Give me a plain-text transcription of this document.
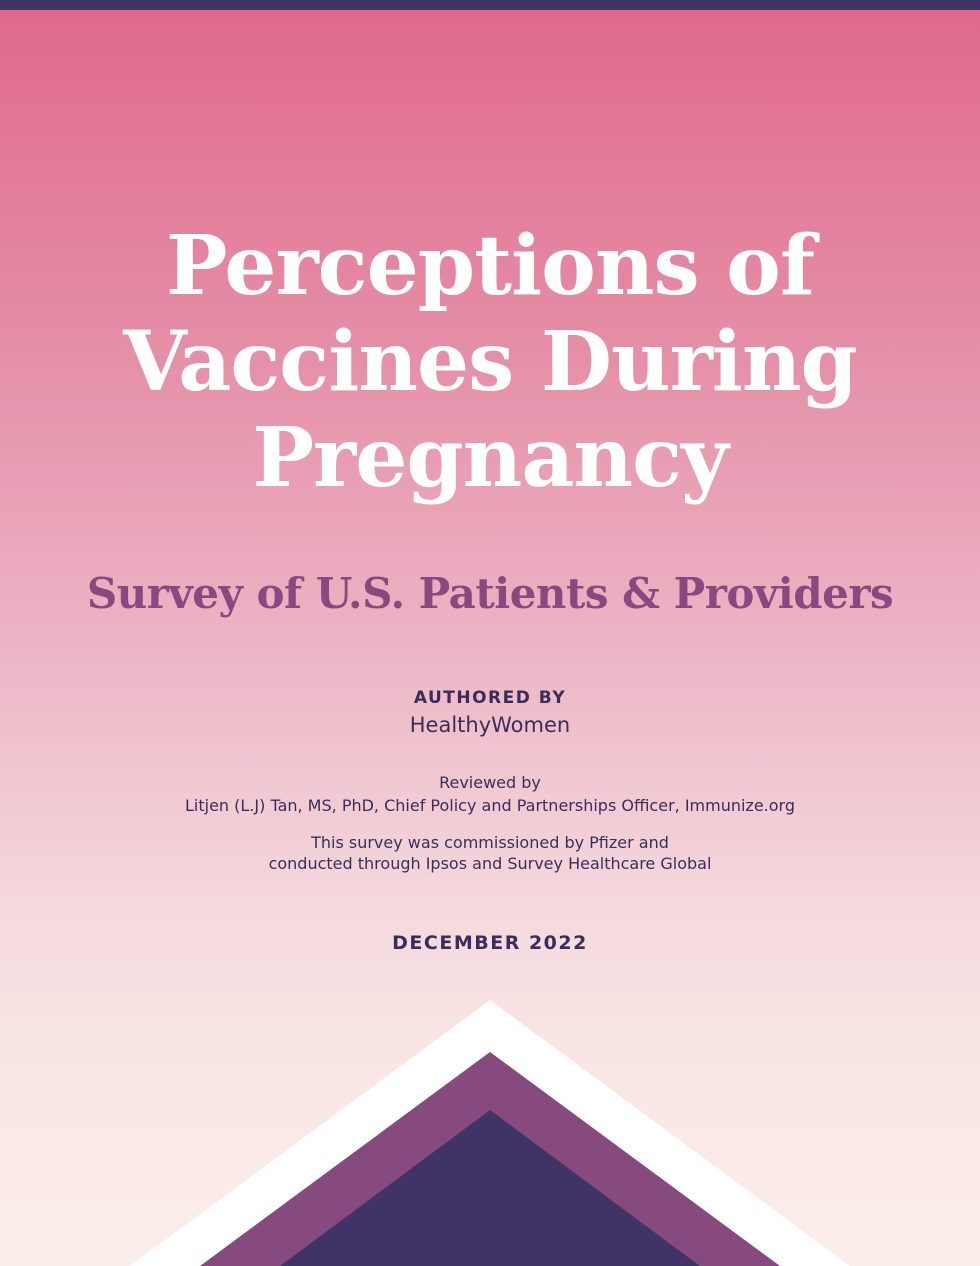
Perceptions of
Vaccines During
Pregnancy
Survey of U.S. Patients & Providers
AUTHORED BY
HealthyWomen
Reviewed by
Litjen (L.J) Tan, MS, PhD, Chief Policy and Partnerships Officer, Immunize.org
This survey was commissioned by Pfizer and
conducted through Ipsos and Survey Healthcare Global
DECEMBER 2022
